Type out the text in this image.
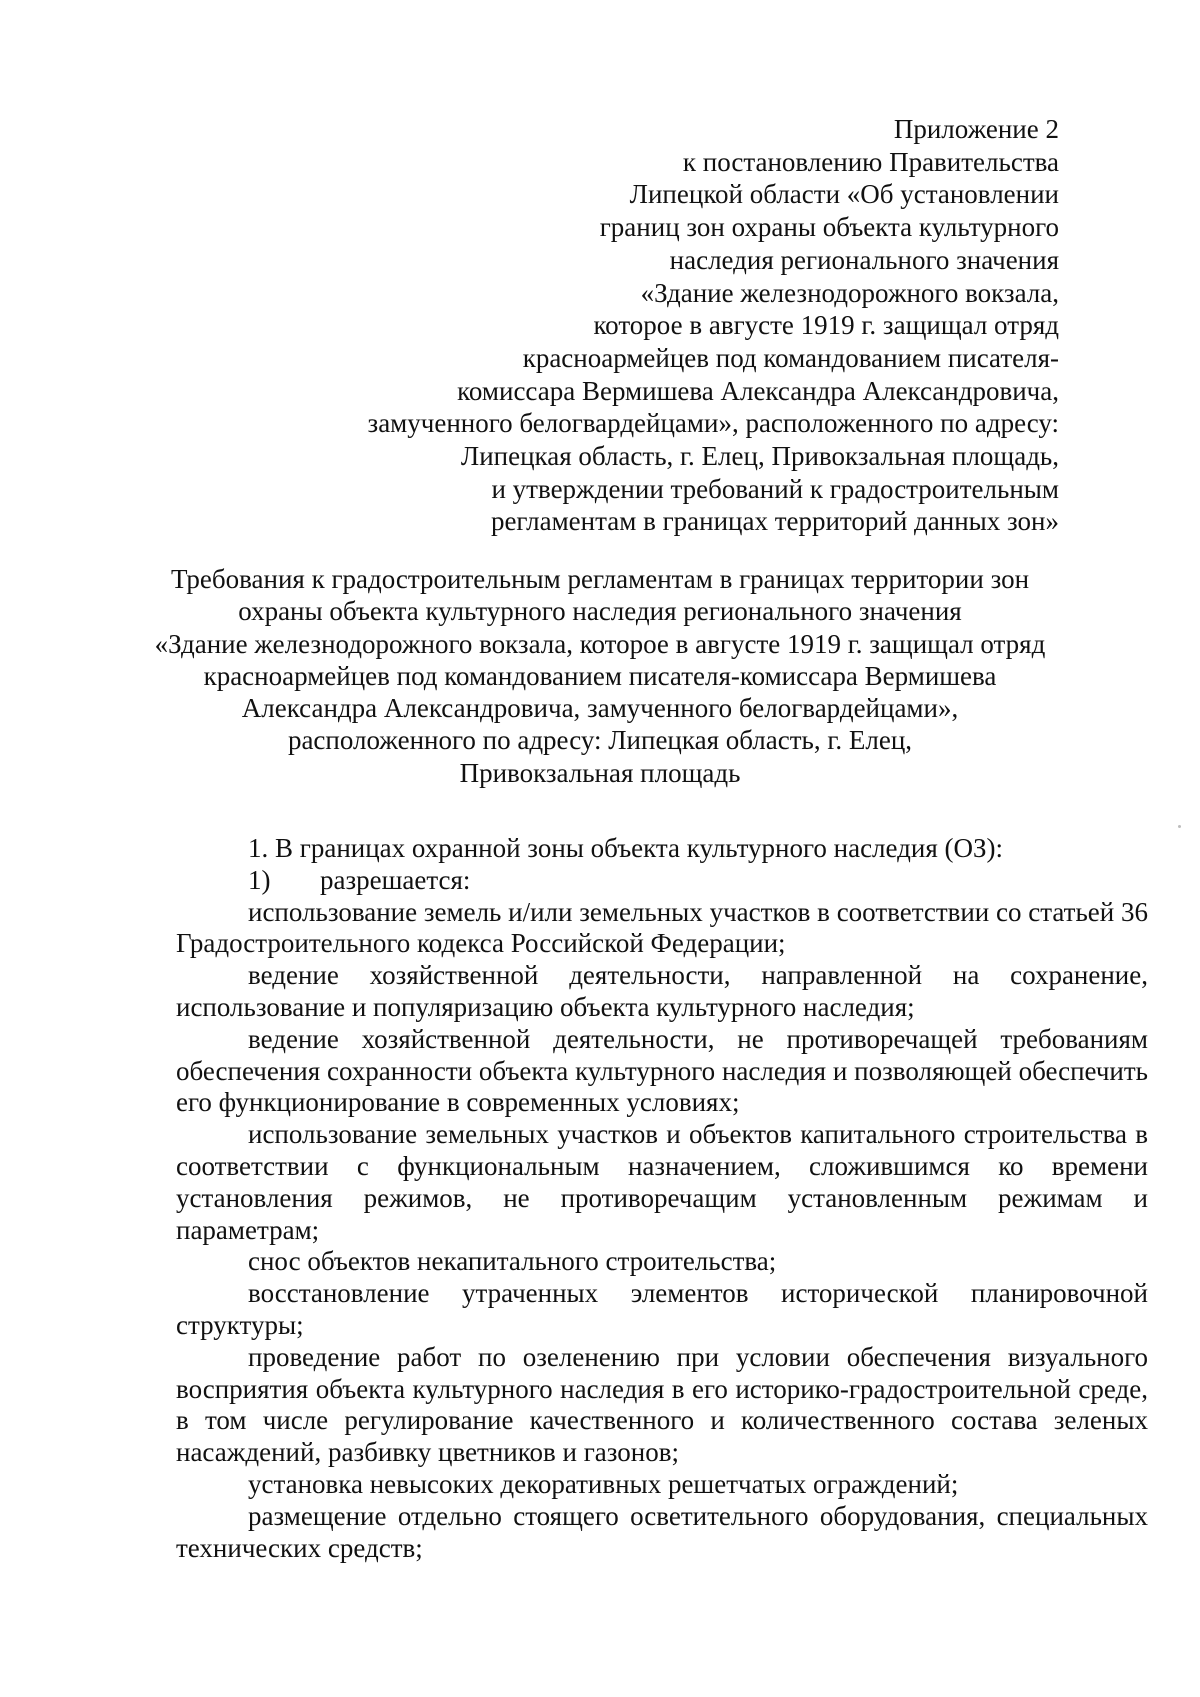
Приложение 2
к постановлению Правительства
Липецкой области «Об установлении
границ зон охраны объекта культурного
наследия регионального значения
«Здание железнодорожного вокзала,
которое в августе 1919 г. защищал отряд
красноармейцев под командованием писателя-
комиссара Вермишева Александра Александровича,
замученного белогвардейцами», расположенного по адресу:
Липецкая область, г. Елец, Привокзальная площадь,
и утверждении требований к градостроительным
регламентам в границах территорий данных зон»
Требования к градостроительным регламентам в границах территории зон
охраны объекта культурного наследия регионального значения
«Здание железнодорожного вокзала, которое в августе 1919 г. защищал отряд
красноармейцев под командованием писателя-комиссара Вермишева
Александра Александровича, замученного белогвардейцами»,
расположенного по адресу: Липецкая область, г. Елец,
Привокзальная площадь
1. В границах охранной зоны объекта культурного наследия (ОЗ):
1) разрешается:
использование земель и/или земельных участков в соответствии со статьей 36 Градостроительного кодекса Российской Федерации;
ведение хозяйственной деятельности, направленной на сохранение, использование и популяризацию объекта культурного наследия;
ведение хозяйственной деятельности, не противоречащей требованиям обеспечения сохранности объекта культурного наследия и позволяющей обеспечить его функционирование в современных условиях;
использование земельных участков и объектов капитального строительства в соответствии с функциональным назначением, сложившимся ко времени установления режимов, не противоречащим установленным режимам и параметрам;
снос объектов некапитального строительства;
восстановление утраченных элементов исторической планировочной структуры;
проведение работ по озеленению при условии обеспечения визуального восприятия объекта культурного наследия в его историко-градостроительной среде, в том числе регулирование качественного и количественного состава зеленых насаждений, разбивку цветников и газонов;
установка невысоких декоративных решетчатых ограждений;
размещение отдельно стоящего осветительного оборудования, специальных технических средств;
